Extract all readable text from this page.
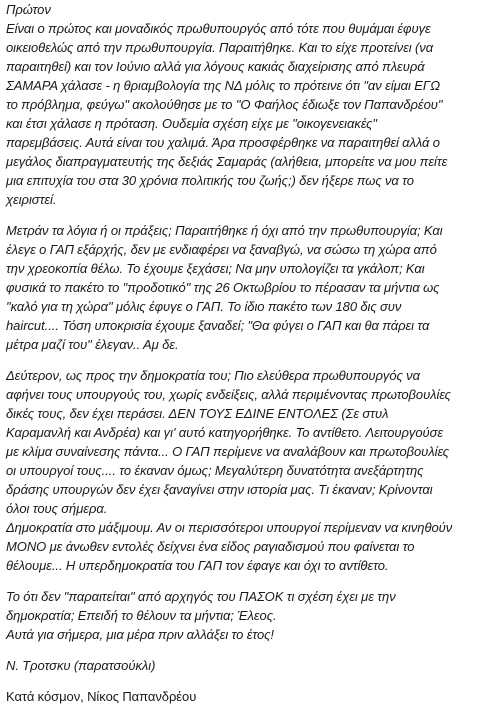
Πρώτον
Είναι ο πρώτος και μοναδικός πρωθυπουργός από τότε που θυμάμαι έφυγε
οικειοθελώς από την πρωθυπουργία. Παραιτήθηκε. Και το είχε προτείνει (να
παραιτηθεί) και τον Ιούνιο αλλά για λόγους κακιάς διαχείρισης από πλευρά
ΣΑΜΑΡΑ χάλασε - η θριαμβολογία της ΝΔ μόλις το πρότεινε ότι "αν είμαι ΕΓΩ
το πρόβλημα, φεύγω" ακολούθησε με το "Ο Φαήλος έδιωξε τον Παπανδρέου"
και έτσι χάλασε η πρόταση. Ουδεμία σχέση είχε με "οικογενειακές"
παρεμβάσεις. Αυτά είναι του χαλιμά. Άρα προσφέρθηκε να παραιτηθεί αλλά ο
μεγάλος διαπραγματευτής της δεξιάς Σαμαράς (αλήθεια, μπορείτε να μου πείτε
μια επιτυχία του στα 30 χρόνια πολιτικής του ζωής;) δεν ήξερε πως να το
χειριστεί.

Μετράν τα λόγια ή οι πράξεις; Παραιτήθηκε ή όχι από την πρωθυπουργία; Και
έλεγε ο ΓΑΠ εξάρχής, δεν με ενδιαφέρει να ξαναβγώ, να σώσω τη χώρα από
την χρεοκοπία θέλω. Το έχουμε ξεχάσει; Να μην υπολογίζει τα γκάλοπ; Και
φυσικά το πακέτο το "προδοτικό" της 26 Οκτωβρίου το πέρασαν τα μήντια ως
"καλό για τη χώρα" μόλις έφυγε ο ΓΑΠ. Το ίδιο πακέτο των 180 δις συν
haircut.... Τόση υποκρισία έχουμε ξαναδεί; "Θα φύγει ο ΓΑΠ και θα πάρει τα
μέτρα μαζί του" έλεγαν.. Αμ δε.

Δεύτερον, ως προς την δημοκρατία του; Πιο ελεύθερα πρωθυπουργός να
αφήνει τους υπουργούς του, χωρίς ενδείξεις, αλλά περιμένοντας πρωτοβουλίες
δικές τους, δεν έχει περάσει. ΔΕΝ ΤΟΥΣ ΕΔΙΝΕ ΕΝΤΟΛΕΣ (Σε στυλ
Καραμανλή και Ανδρέα) και γι' αυτό κατηγορήθηκε. Το αντίθετο. Λειτουργούσε
με κλίμα συναίνεσης πάντα... Ο ΓΑΠ περίμενε να αναλάβουν και πρωτοβουλίες
οι υπουργοί τους.... το έκαναν όμως; Μεγαλύτερη δυνατότητα ανεξάρτητης
δράσης υπουργών δεν έχει ξαναγίνει στην ιστορία μας. Τι έκαναν; Κρίνονται
όλοι τους σήμερα.
Δημοκρατία στο μάξιμουμ. Αν οι περισσότεροι υπουργοί περίμεναν να κινηθούν
ΜΟΝΟ με άνωθεν εντολές δείχνει ένα είδος ραγιαδισμού που φαίνεται το
θέλουμε... Η υπερδημοκρατία του ΓΑΠ τον έφαγε και όχι το αντίθετο.

Το ότι δεν "παραιτείται" από αρχηγός του ΠΑΣΟΚ τι σχέση έχει με την
δημοκρατία; Επειδή το θέλουν τα μήντια; Έλεος.
Αυτά για σήμερα, μια μέρα πριν αλλάξει το έτος!

Ν. Τροτσκυ (παρατσούκλι)

Κατά κόσμον, Νίκος Παπανδρέου
